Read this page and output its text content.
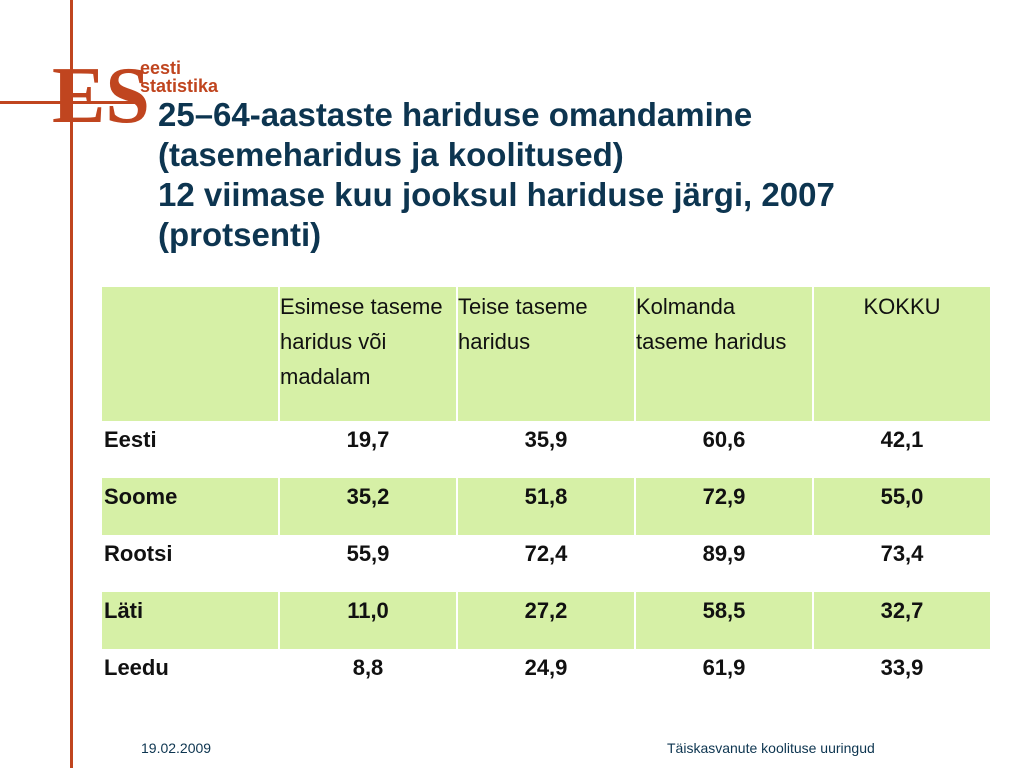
ES
eesti
statistika
25–64-aastaste hariduse omandamine
(tasemeharidus ja koolitused)
12 viimase kuu jooksul hariduse järgi, 2007
(protsenti)
	Esimese taseme haridus või madalam	Teise taseme haridus	Kolmanda taseme haridus	KOKKU
Eesti	19,7	35,9	60,6	42,1
Soome	35,2	51,8	72,9	55,0
Rootsi	55,9	72,4	89,9	73,4
Läti	11,0	27,2	58,5	32,7
Leedu	8,8	24,9	61,9	33,9
19.02.2009	Täiskasvanute koolituse uuringud
